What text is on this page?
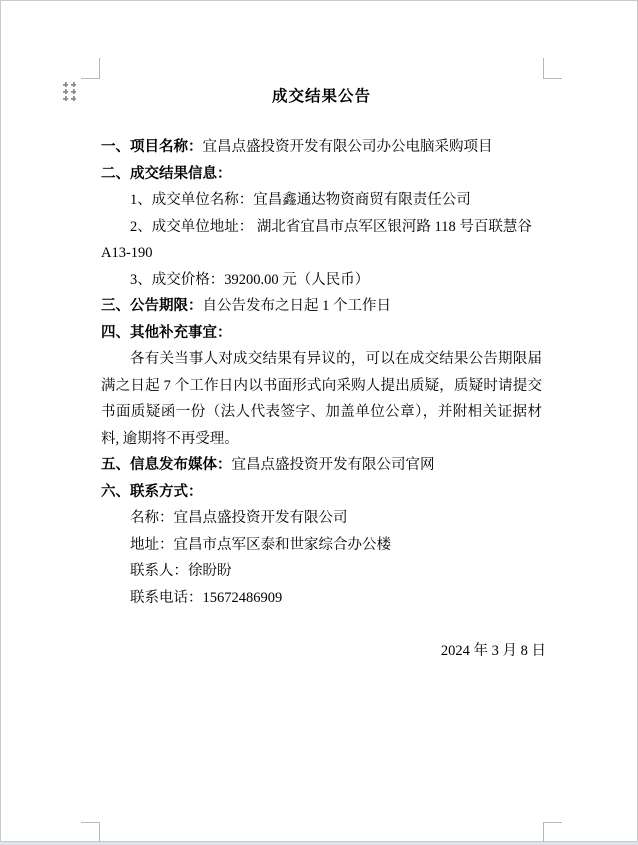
成交结果公告
一、项目名称：宜昌点盛投资开发有限公司办公电脑采购项目
二、成交结果信息：
1、成交单位名称：宜昌鑫通达物资商贸有限责任公司
2、成交单位地址： 湖北省宜昌市点军区银河路 118 号百联慧谷
A13-190
3、成交价格：39200.00 元（人民币）
三、公告期限：自公告发布之日起 1 个工作日
四、其他补充事宜：
各有关当事人对成交结果有异议的，可以在成交结果公告期限届
满之日起 7 个工作日内以书面形式向采购人提出质疑，质疑时请提交
书面质疑函一份（法人代表签字、加盖单位公章），并附相关证据材
料, 逾期将不再受理。
五、信息发布媒体：宜昌点盛投资开发有限公司官网
六、联系方式：
名称：宜昌点盛投资开发有限公司
地址：宜昌市点军区泰和世家综合办公楼
联系人：徐盼盼
联系电话：15672486909
2024 年 3 月 8 日
